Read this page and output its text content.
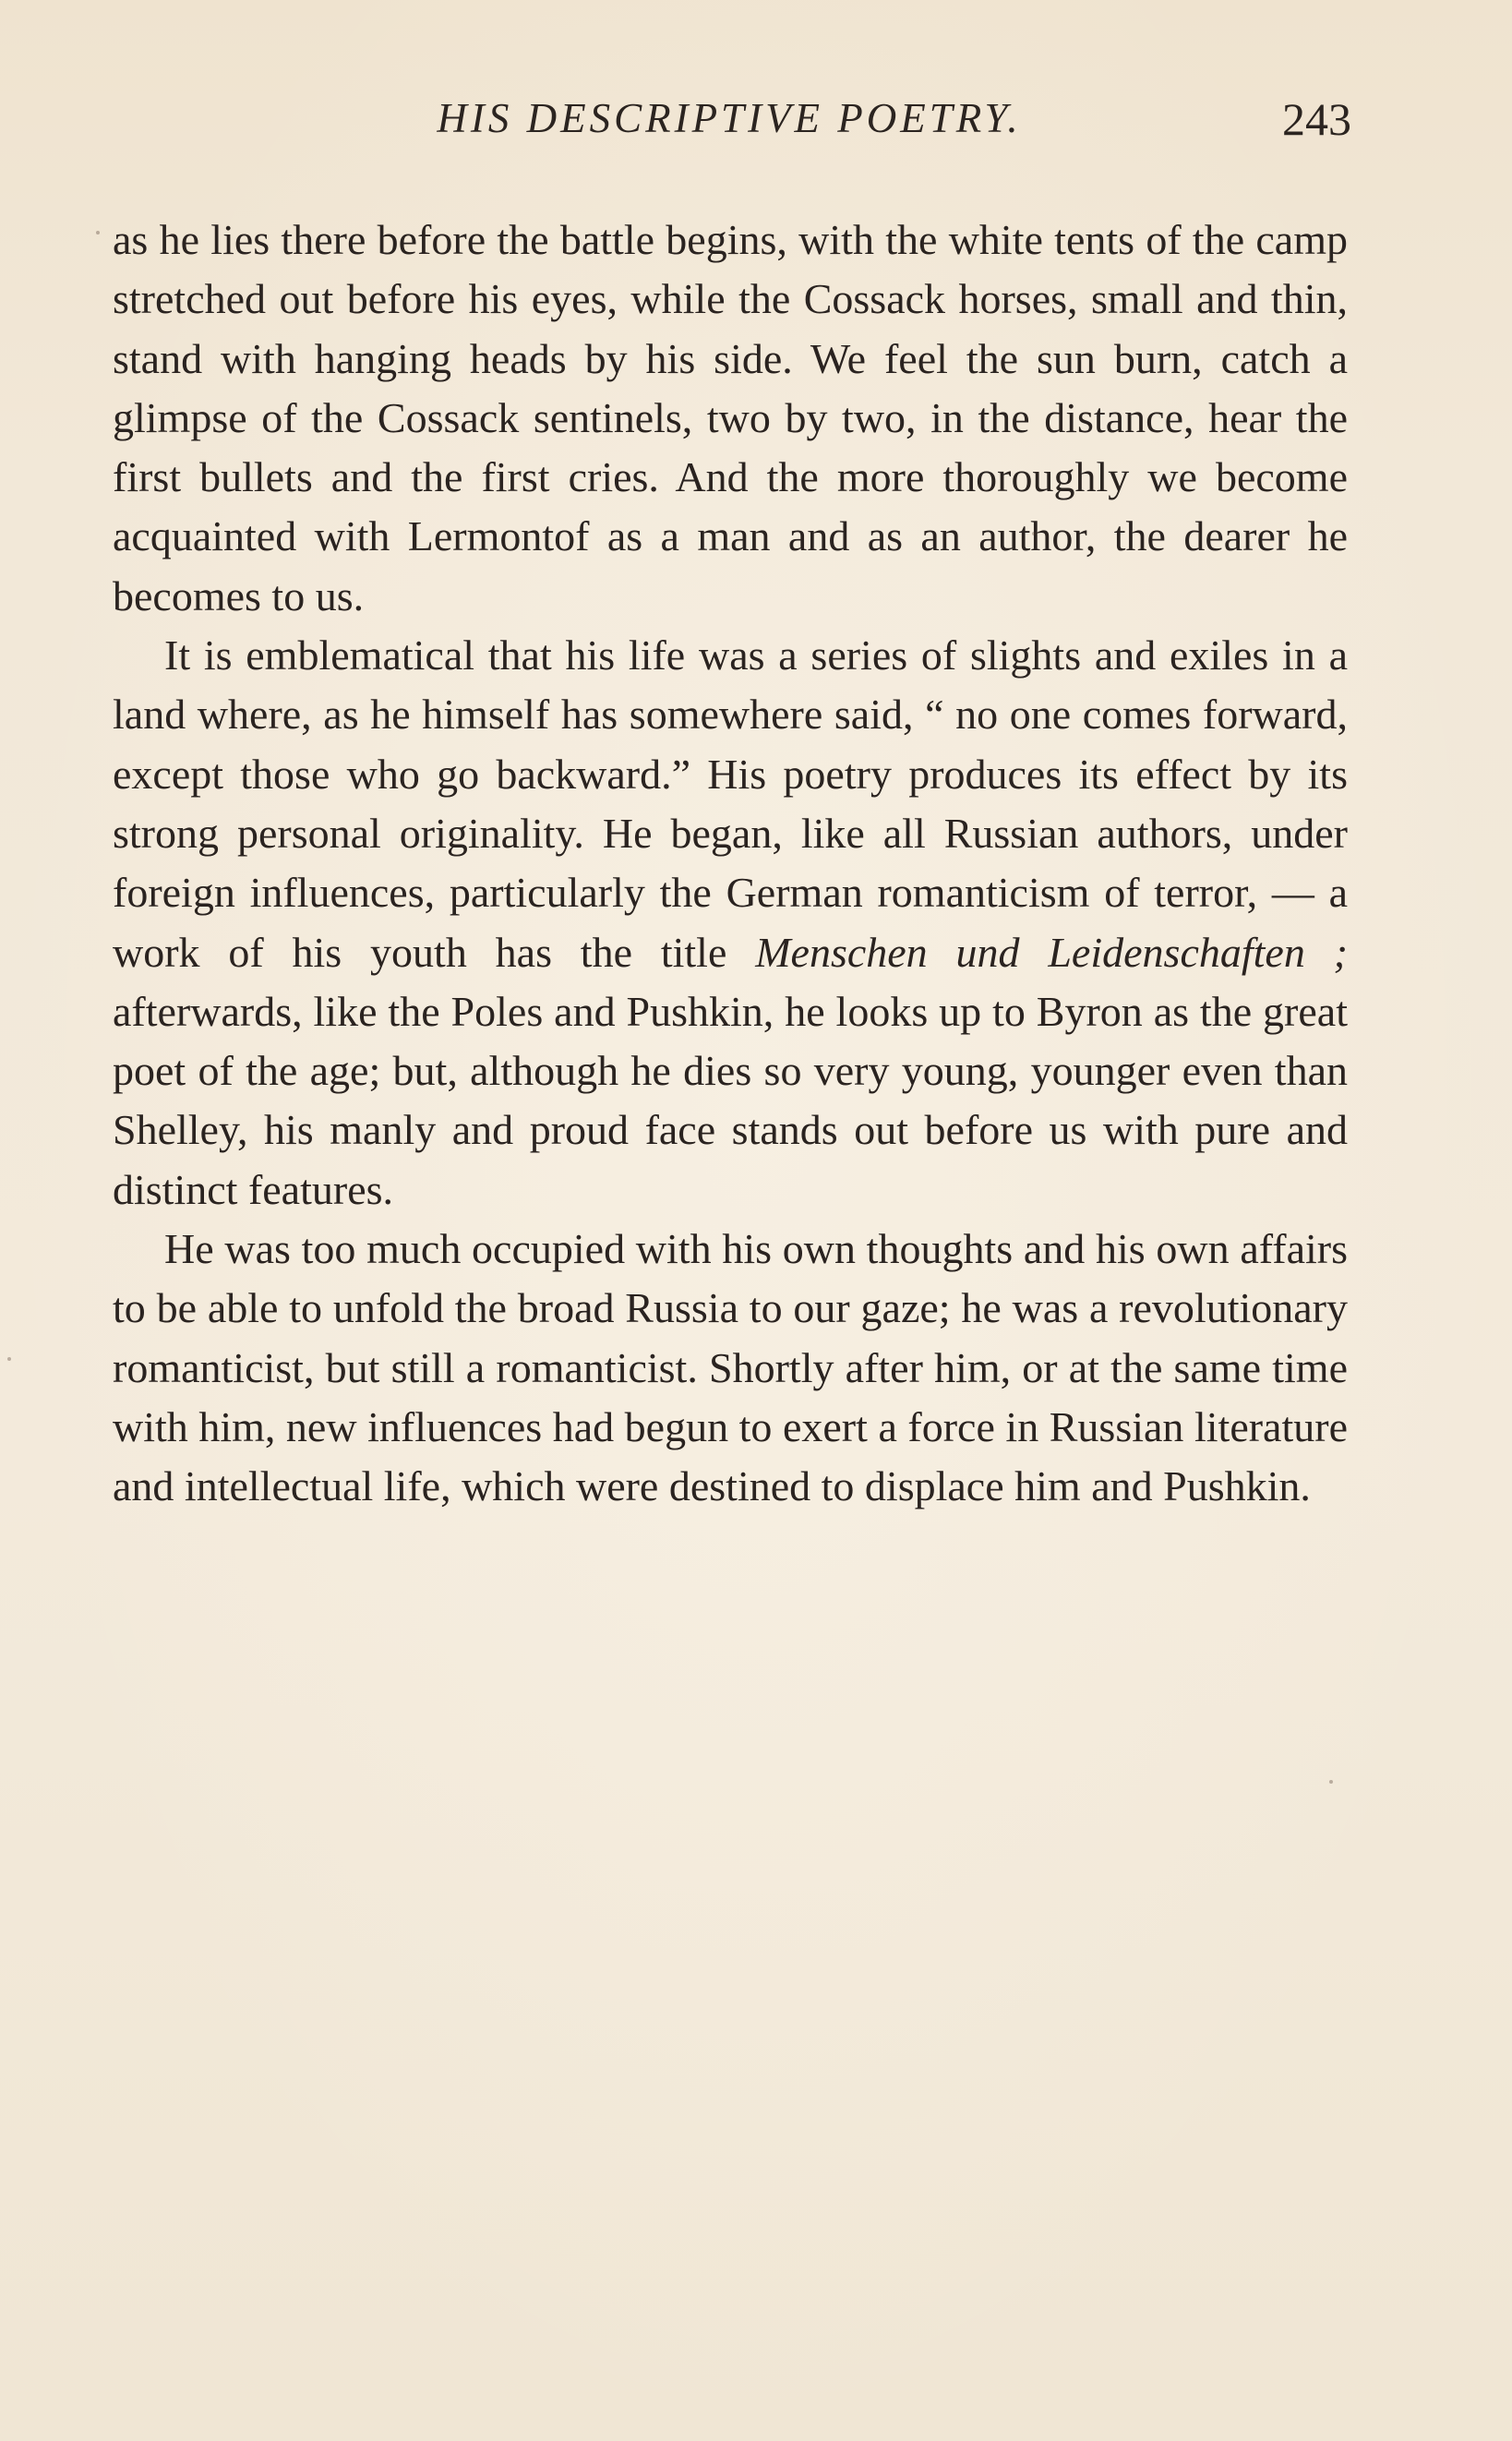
HIS DESCRIPTIVE POETRY.	243

as he lies there before the battle begins, with the white tents of the camp stretched out before his eyes, while the Cossack horses, small and thin, stand with hanging heads by his side. We feel the sun burn, catch a glimpse of the Cossack sentinels, two by two, in the distance, hear the first bullets and the first cries. And the more thoroughly we become acquainted with Lermontof as a man and as an author, the dearer he becomes to us.

It is emblematical that his life was a series of slights and exiles in a land where, as he himself has somewhere said, “ no one comes forward, except those who go backward.” His poetry produces its effect by its strong personal originality. He began, like all Russian authors, under foreign influences, particularly the German romanticism of terror, — a work of his youth has the title Menschen und Leidenschaften ; afterwards, like the Poles and Pushkin, he looks up to Byron as the great poet of the age; but, although he dies so very young, younger even than Shelley, his manly and proud face stands out before us with pure and distinct features.

He was too much occupied with his own thoughts and his own affairs to be able to unfold the broad Russia to our gaze; he was a revolutionary romanticist, but still a romanticist. Shortly after him, or at the same time with him, new influences had begun to exert a force in Russian literature and intellectual life, which were destined to displace him and Pushkin.
